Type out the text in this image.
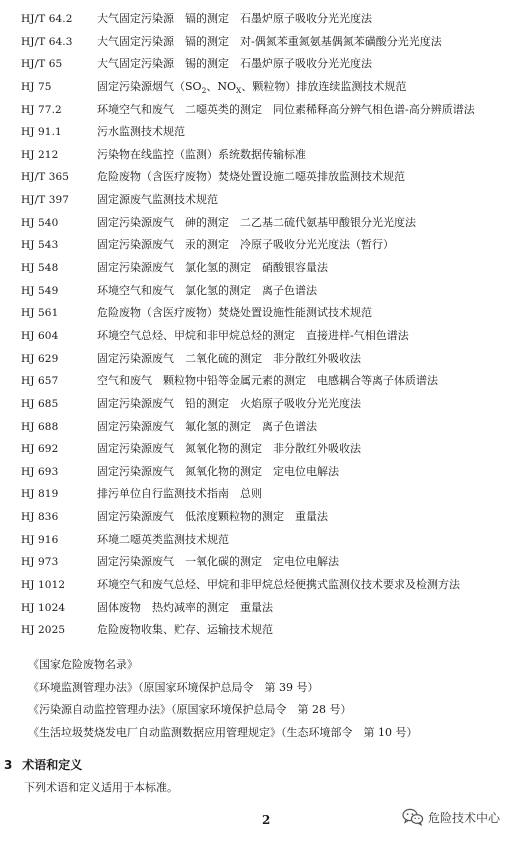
HJ/T 64.2 大气固定污染源　镉的测定　石墨炉原子吸收分光光度法
HJ/T 64.3 大气固定污染源　镉的测定　对-偶氮苯重氮氨基偶氮苯磺酸分光光度法
HJ/T 65	大气固定污染源　锡的测定　石墨炉原子吸收分光光度法
HJ 75	固定污染源烟气（$SO_2$、$NO_X$、颗粒物）排放连续监测技术规范
HJ 77.2	环境空气和废气　二噁英类的测定　同位素稀释高分辨气相色谱-高分辨质谱法
HJ 91.1	污水监测技术规范
HJ 212	污染物在线监控（监测）系统数据传输标准
HJ/T 365	危险废物（含医疗废物）焚烧处置设施二噁英排放监测技术规范
HJ/T 397	固定源废气监测技术规范
HJ 540	固定污染源废气　砷的测定　二乙基二硫代氨基甲酸银分光光度法
HJ 543	固定污染源废气　汞的测定　冷原子吸收分光光度法（暂行）
HJ 548	固定污染源废气　氯化氢的测定　硝酸银容量法
HJ 549	环境空气和废气　氯化氢的测定　离子色谱法
HJ 561	危险废物（含医疗废物）焚烧处置设施性能测试技术规范
HJ 604	环境空气总烃、甲烷和非甲烷总烃的测定　直接进样-气相色谱法
HJ 629	固定污染源废气　二氧化硫的测定　非分散红外吸收法
HJ 657	空气和废气　颗粒物中铅等金属元素的测定　电感耦合等离子体质谱法
HJ 685	固定污染源废气　铅的测定　火焰原子吸收分光光度法
HJ 688	固定污染源废气　氟化氢的测定　离子色谱法
HJ 692	固定污染源废气　氮氧化物的测定　非分散红外吸收法
HJ 693	固定污染源废气　氮氧化物的测定　定电位电解法
HJ 819	排污单位自行监测技术指南　总则
HJ 836	固定污染源废气　低浓度颗粒物的测定　重量法
HJ 916	环境二噁英类监测技术规范
HJ 973	固定污染源废气　一氧化碳的测定　定电位电解法
HJ 1012	环境空气和废气总烃、甲烷和非甲烷总烃便携式监测仪技术要求及检测方法
HJ 1024	固体废物　热灼减率的测定　重量法
HJ 2025	危险废物收集、贮存、运输技术规范
《国家危险废物名录》
《环境监测管理办法》（原国家环境保护总局令　第 39 号）
《污染源自动监控管理办法》（原国家环境保护总局令　第 28 号）
《生活垃圾焚烧发电厂自动监测数据应用管理规定》（生态环境部令　第 10 号）
3 术语和定义
下列术语和定义适用于本标准。
2	危险技术中心
